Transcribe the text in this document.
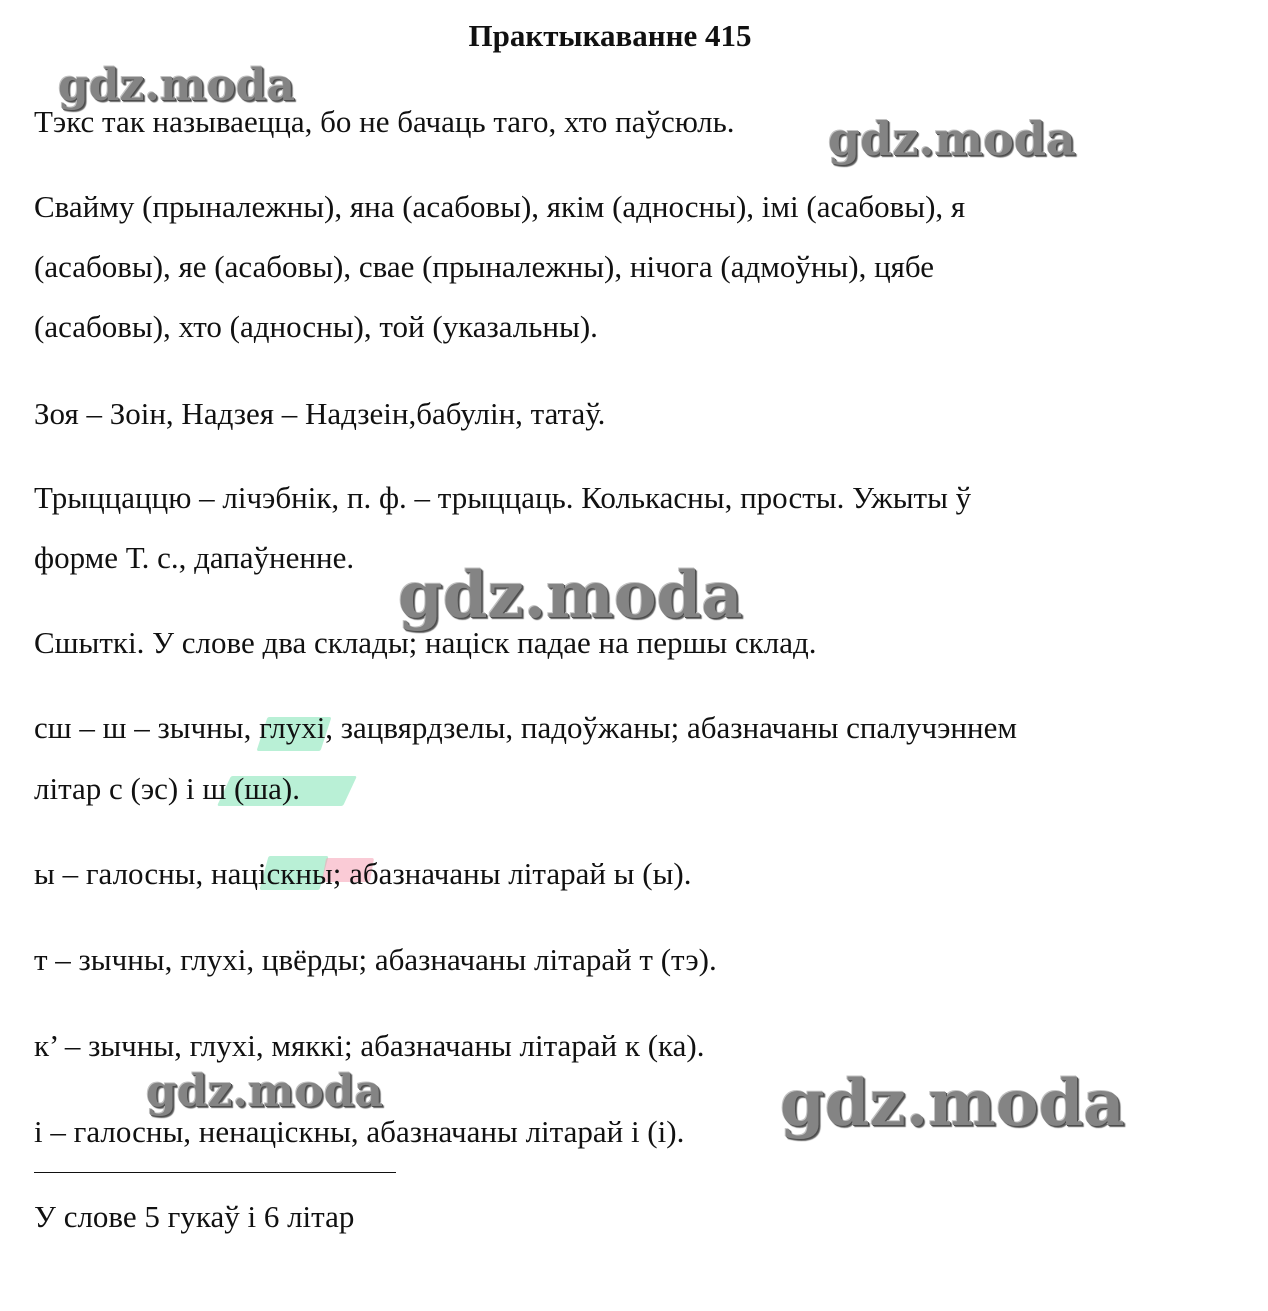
Практыкаванне 415
Тэкс так называецца, бо не бачаць таго, хто паўсюль.
Свайму (прыналежны), яна (асабовы), якім (адносны), імі (асабовы), я
(асабовы), яе (асабовы), свае (прыналежны), нічога (адмоўны), цябе
(асабовы), хто (адносны), той (указальны).
Зоя – Зоін, Надзея – Надзеін,бабулін, татаў.
Трыццаццю – лічэбнік, п. ф. – трыццаць. Колькасны, просты. Ужыты ў
форме Т. с., дапаўненне.
Сшыткі. У слове два склады; націск падае на першы склад.
сш – ш – зычны, глухі, зацвярдзелы, падоўжаны; абазначаны спалучэннем
літар с (эс) і ш (ша).
ы – галосны, націскны; абазначаны літарай ы (ы).
т – зычны, глухі, цвёрды; абазначаны літарай т (тэ).
к’ – зычны, глухі, мяккі; абазначаны літарай к (ка).
і – галосны, ненаціскны, абазначаны літарай і (і).
У слове 5 гукаў і 6 літар
gdz.moda
gdz.moda
gdz.moda
gdz.moda	gdz.moda
